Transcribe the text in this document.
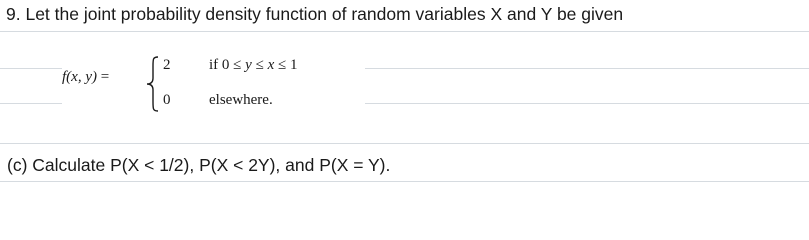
9. Let the joint probability density function of random variables X and Y be given
f(x, y) =
2	if 0 ≤ y ≤ x ≤ 1
0	elsewhere.
(c) Calculate P(X < 1/2), P(X < 2Y), and P(X = Y).
